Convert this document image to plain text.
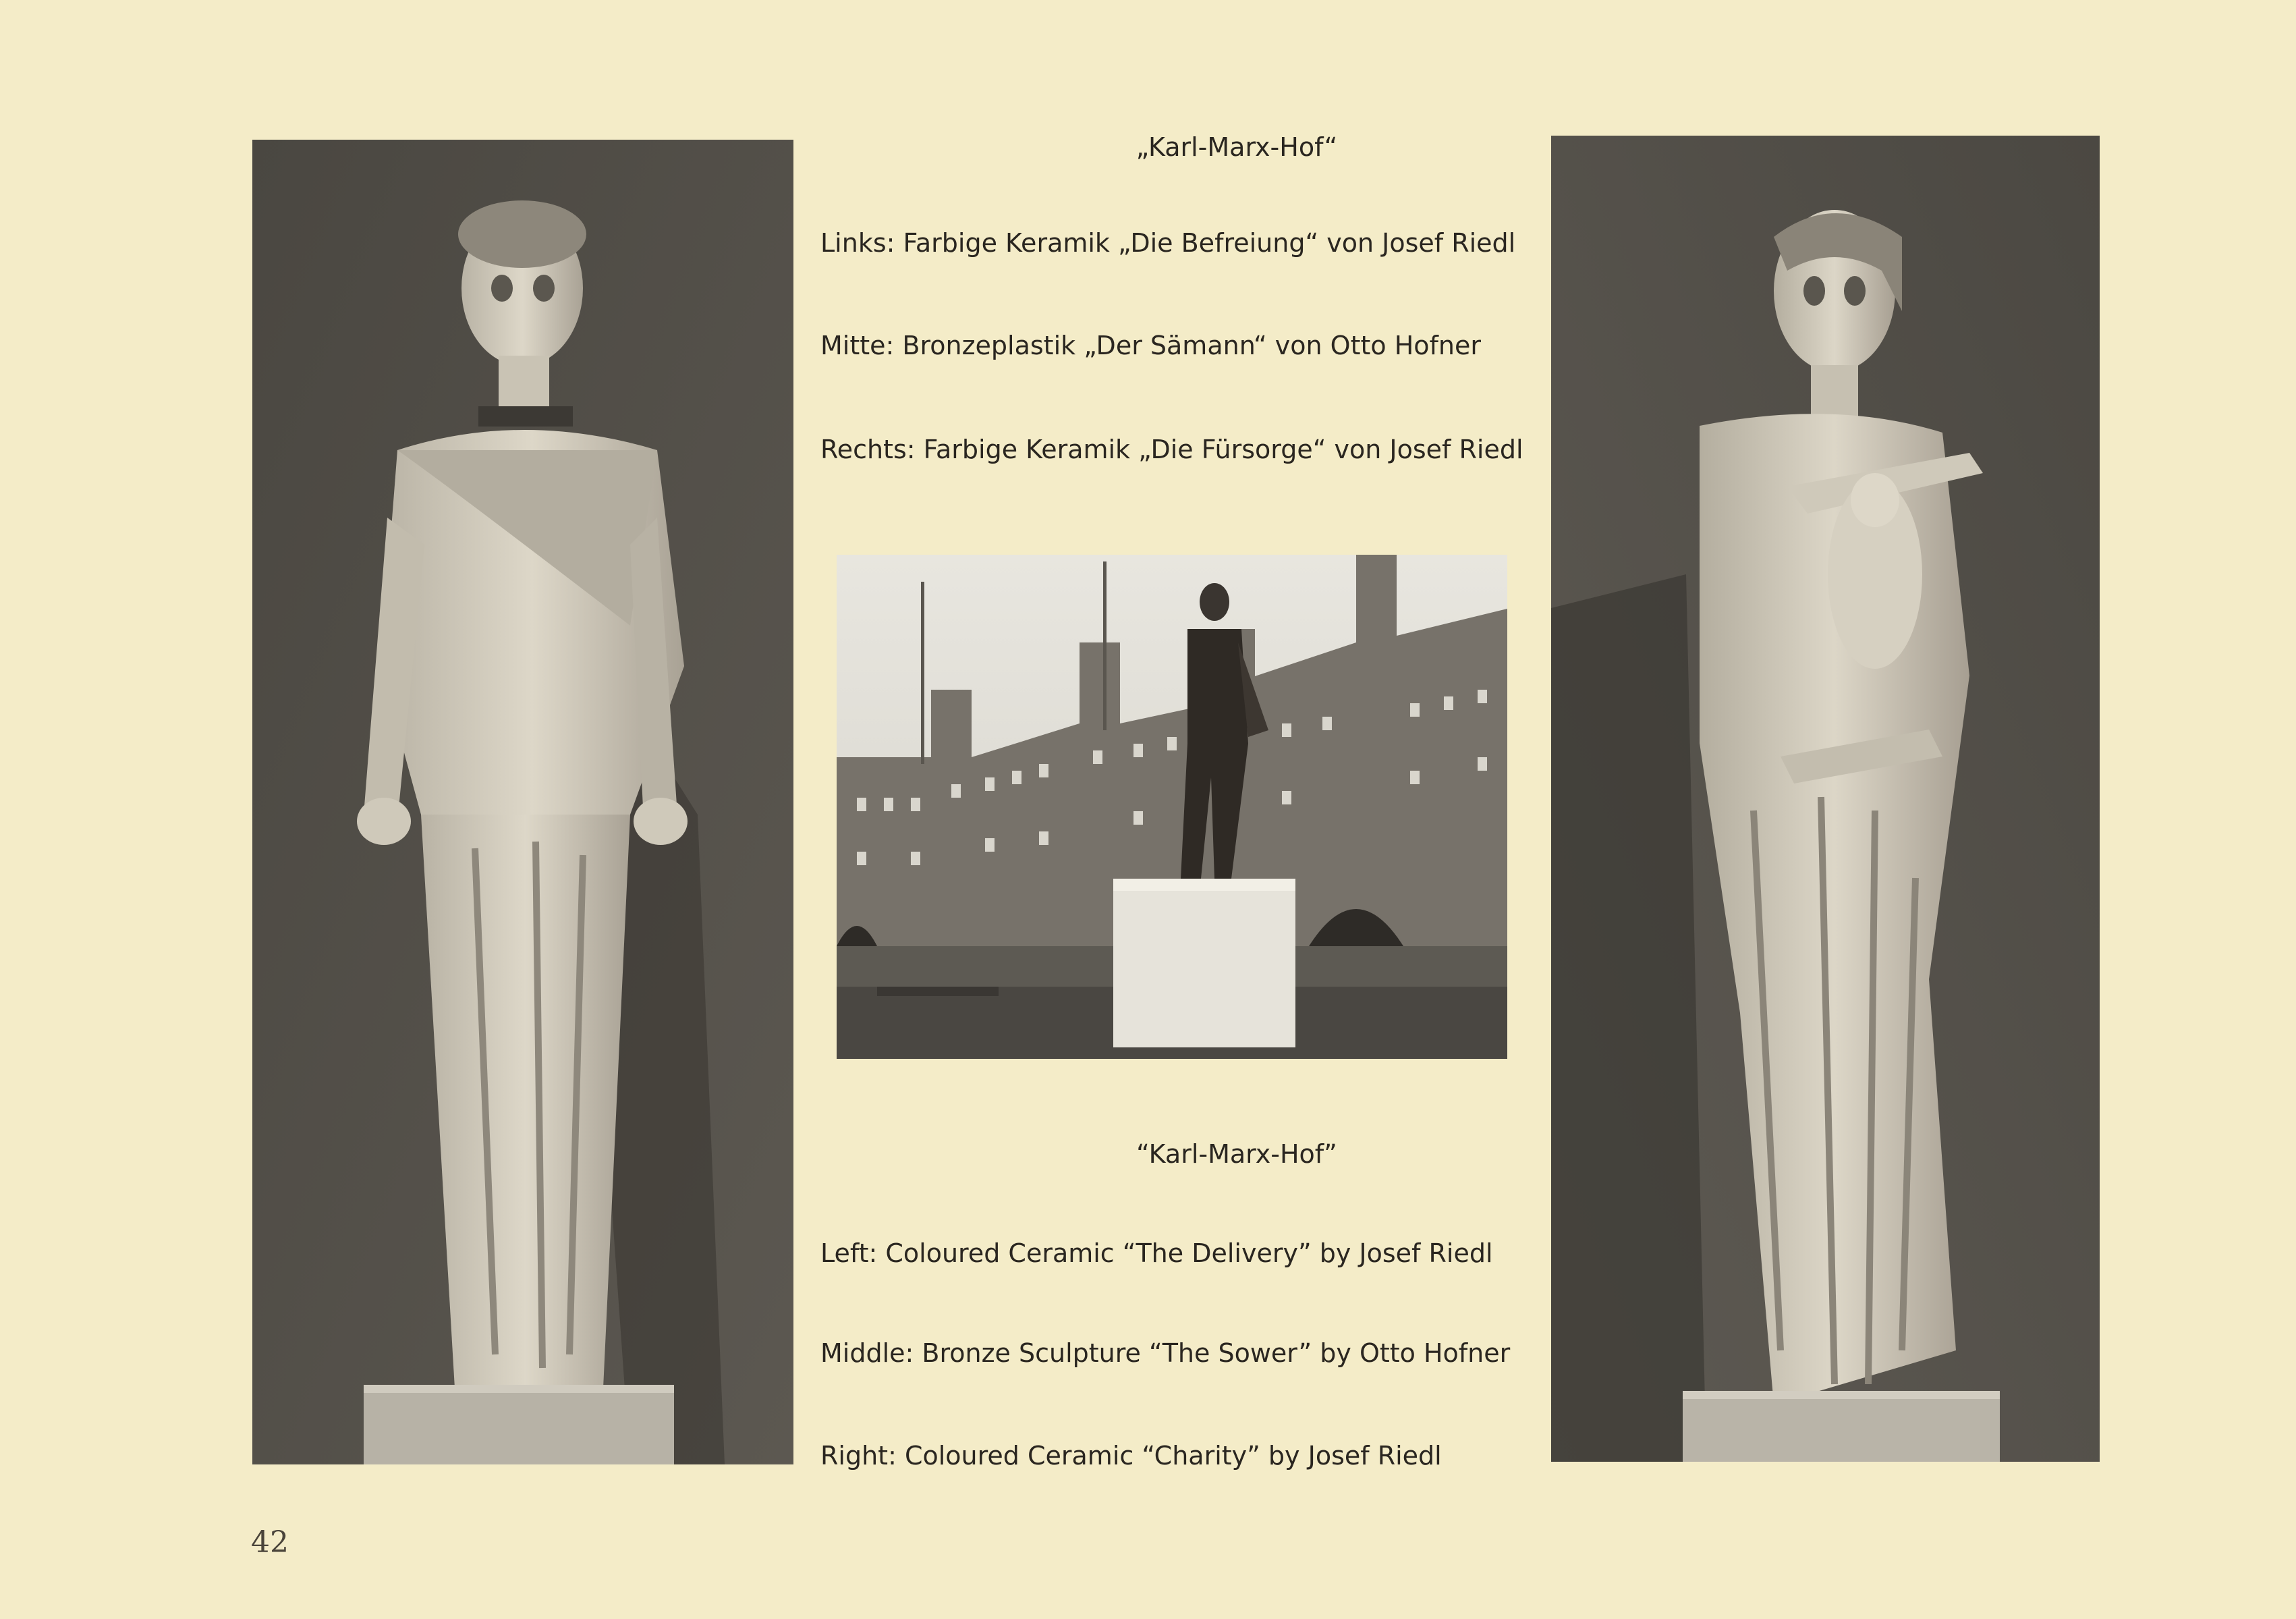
„Karl-Marx-Hof“
Links: Farbige Keramik „Die Befreiung“ von Josef Riedl
Mitte: Bronzeplastik „Der Sämann“ von Otto Hofner
Rechts: Farbige Keramik „Die Fürsorge“ von Josef Riedl
“Karl-Marx-Hof”
Left: Coloured Ceramic “The Delivery” by Josef Riedl
Middle: Bronze Sculpture “The Sower” by Otto Hofner
Right: Coloured Ceramic “Charity” by Josef Riedl
42
